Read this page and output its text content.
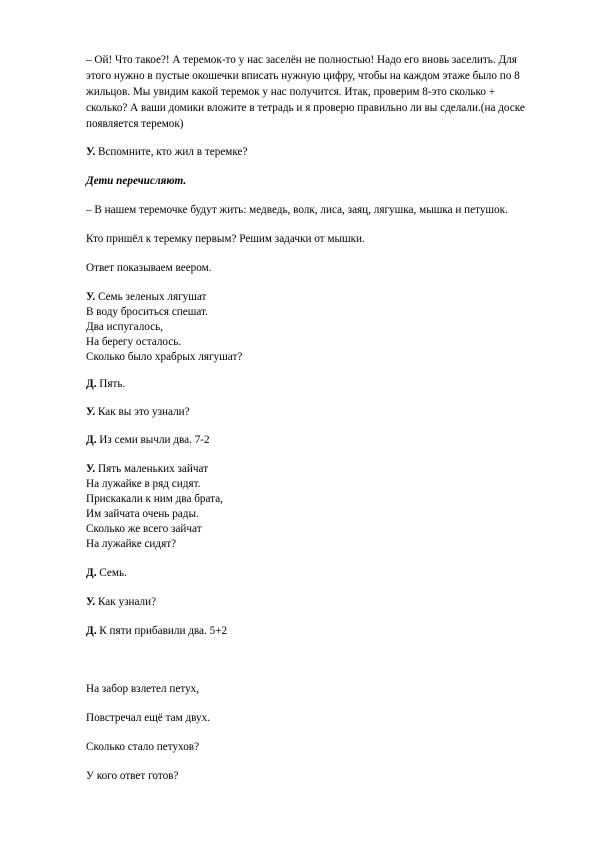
– Ой! Что такое?! А теремок-то у нас заселён не полностью! Надо его вновь заселить. Для
этого нужно в пустые окошечки вписать нужную цифру, чтобы на каждом этаже было по 8
жильцов. Мы увидим какой теремок у нас получится. Итак, проверим 8-это сколько +
сколько? А ваши домики вложите в тетрадь и я проверю правильно ли вы сделали.(на доске
появляется теремок)
У. Вспомните, кто жил в теремке?
Дети перечисляют.
– В нашем теремочке будут жить: медведь, волк, лиса, заяц, лягушка, мышка и петушок.
Кто пришёл к теремку первым? Решим задачки от мышки.
Ответ показываем веером.
У. Семь зеленых лягушат
В воду броситься спешат.
Два испугалось,
На берегу осталось.
Сколько было храбрых лягушат?
Д. Пять.
У. Как вы это узнали?
Д. Из семи вычли два. 7-2
У. Пять маленьких зайчат
На лужайке в ряд сидят.
Прискакали к ним два брата,
Им зайчата очень рады.
Сколько же всего зайчат
На лужайке сидят?
Д. Семь.
У. Как узнали?
Д. К пяти прибавили два. 5+2
На забор взлетел петух,
Повстречал ещё там двух.
Сколько стало петухов?
У кого ответ готов?
